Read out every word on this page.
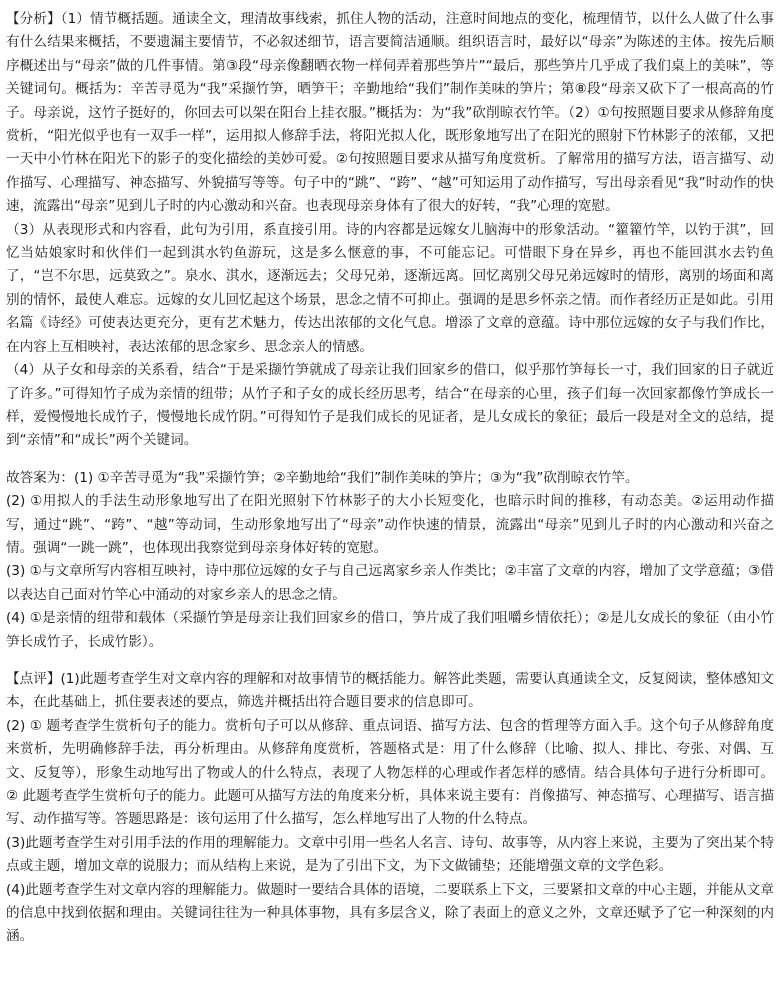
【分析】（1）情节概括题。通读全文，理清故事线索，抓住人物的活动，注意时间地点的变化，梳理情节，以什么人做了什么事有什么结果来概括，不要遗漏主要情节，不必叙述细节，语言要简洁通顺。组织语言时，最好以“母亲”为陈述的主体。按先后顺序概述出与“母亲”做的几件事情。第③段“母亲像翻晒衣物一样伺弄着那些笋片”“最后，那些笋片几乎成了我们桌上的美味”，等关键词句。概括为：辛苦寻觅为“我”采撷竹笋，晒笋干；辛勤地给“我们”制作美味的笋片；第⑧段“母亲又砍下了一根高高的竹子。母亲说，这竹子挺好的，你回去可以架在阳台上挂衣服。”概括为：为“我”砍削晾衣竹竿。（2）①句按照题目要求从修辞角度赏析，“阳光似乎也有一双手一样”，运用拟人修辞手法，将阳光拟人化，既形象地写出了在阳光的照射下竹林影子的浓郁，又把一天中小竹林在阳光下的影子的变化描绘的美妙可爱。②句按照题目要求从描写角度赏析。了解常用的描写方法，语言描写、动作描写、心理描写、神态描写、外貌描写等等。句子中的“跳”、“跨”、“越”可知运用了动作描写，写出母亲看见“我”时动作的快速，流露出“母亲”见到儿子时的内心激动和兴奋。也表现母亲身体有了很大的好转，“我”心理的宽慰。

（3）从表现形式和内容看，此句为引用，系直接引用。诗的内容都是远嫁女儿脑海中的形象活动。“籊籊竹竿，以钓于淇”，回忆当姑娘家时和伙伴们一起到淇水钓鱼游玩，这是多么惬意的事，不可能忘记。可惜眼下身在异乡，再也不能回淇水去钓鱼了，“岂不尔思，远莫致之”。泉水、淇水，逐渐远去；父母兄弟，逐渐远离。回忆离别父母兄弟远嫁时的情形，离别的场面和离别的情怀，最使人难忘。远嫁的女儿回忆起这个场景，思念之情不可抑止。强调的是思乡怀亲之情。而作者经历正是如此。引用名篇《诗经》可使表达更充分，更有艺术魅力，传达出浓郁的文化气息。增添了文章的意蕴。诗中那位远嫁的女子与我们作比，在内容上互相映衬，表达浓郁的思念家乡、思念亲人的情感。

（4）从子女和母亲的关系看，结合“于是采撷竹笋就成了母亲让我们回家乡的借口，似乎那竹笋每长一寸，我们回家的日子就近了许多。”可得知竹子成为亲情的纽带；从竹子和子女的成长经历思考，结合“在母亲的心里，孩子们每一次回家都像竹笋成长一样，爱慢慢地长成竹子，慢慢地长成竹阴。”可得知竹子是我们成长的见证者，是儿女成长的象征；最后一段是对全文的总结，提到“亲情”和“成长”两个关键词。

故答案为：(1) ①辛苦寻觅为“我”采撷竹笋；②辛勤地给“我们”制作美味的笋片；③为“我”砍削晾衣竹竿。

(2) ①用拟人的手法生动形象地写出了在阳光照射下竹林影子的大小长短变化，也暗示时间的推移，有动态美。②运用动作描写，通过“跳”、“跨”、“越”等动词，生动形象地写出了“母亲”动作快速的情景，流露出“母亲”见到儿子时的内心激动和兴奋之情。强调“一跳一跳”，也体现出我察觉到母亲身体好转的宽慰。

(3) ①与文章所写内容相互映衬，诗中那位远嫁的女子与自己远离家乡亲人作类比；②丰富了文章的内容，增加了文学意蕴；③借以表达自己面对竹竿心中涌动的对家乡亲人的思念之情。

(4) ①是亲情的纽带和载体（采撷竹笋是母亲让我们回家乡的借口，笋片成了我们咀嚼乡情依托）；②是儿女成长的象征（由小竹笋长成竹子，长成竹影）。

【点评】(1)此题考查学生对文章内容的理解和对故事情节的概括能力。解答此类题，需要认真通读全文，反复阅读，整体感知文本，在此基础上，抓住要表述的要点，筛选并概括出符合题目要求的信息即可。

(2) ① 题考查学生赏析句子的能力。赏析句子可以从修辞、重点词语、描写方法、包含的哲理等方面入手。这个句子从修辞角度来赏析，先明确修辞手法，再分析理由。从修辞角度赏析，答题格式是：用了什么修辞（比喻、拟人、排比、夸张、对偶、互文、反复等），形象生动地写出了物或人的什么特点，表现了人物怎样的心理或作者怎样的感情。结合具体句子进行分析即可。 ② 此题考查学生赏析句子的能力。此题可从描写方法的角度来分析，具体来说主要有：肖像描写、神态描写、心理描写、语言描写、动作描写等。答题思路是：该句运用了什么描写，怎么样地写出了人物的什么特点。

(3)此题考查学生对引用手法的作用的理解能力。文章中引用一些名人名言、诗句、故事等，从内容上来说，主要为了突出某个特点或主题，增加文章的说服力；而从结构上来说，是为了引出下文，为下文做铺垫；还能增强文章的文学色彩。

(4)此题考查学生对文章内容的理解能力。做题时一要结合具体的语境，二要联系上下文，三要紧扣文章的中心主题，并能从文章的信息中找到依据和理由。关键词往往为一种具体事物，具有多层含义，除了表面上的意义之外，文章还赋予了它一种深刻的内涵。
